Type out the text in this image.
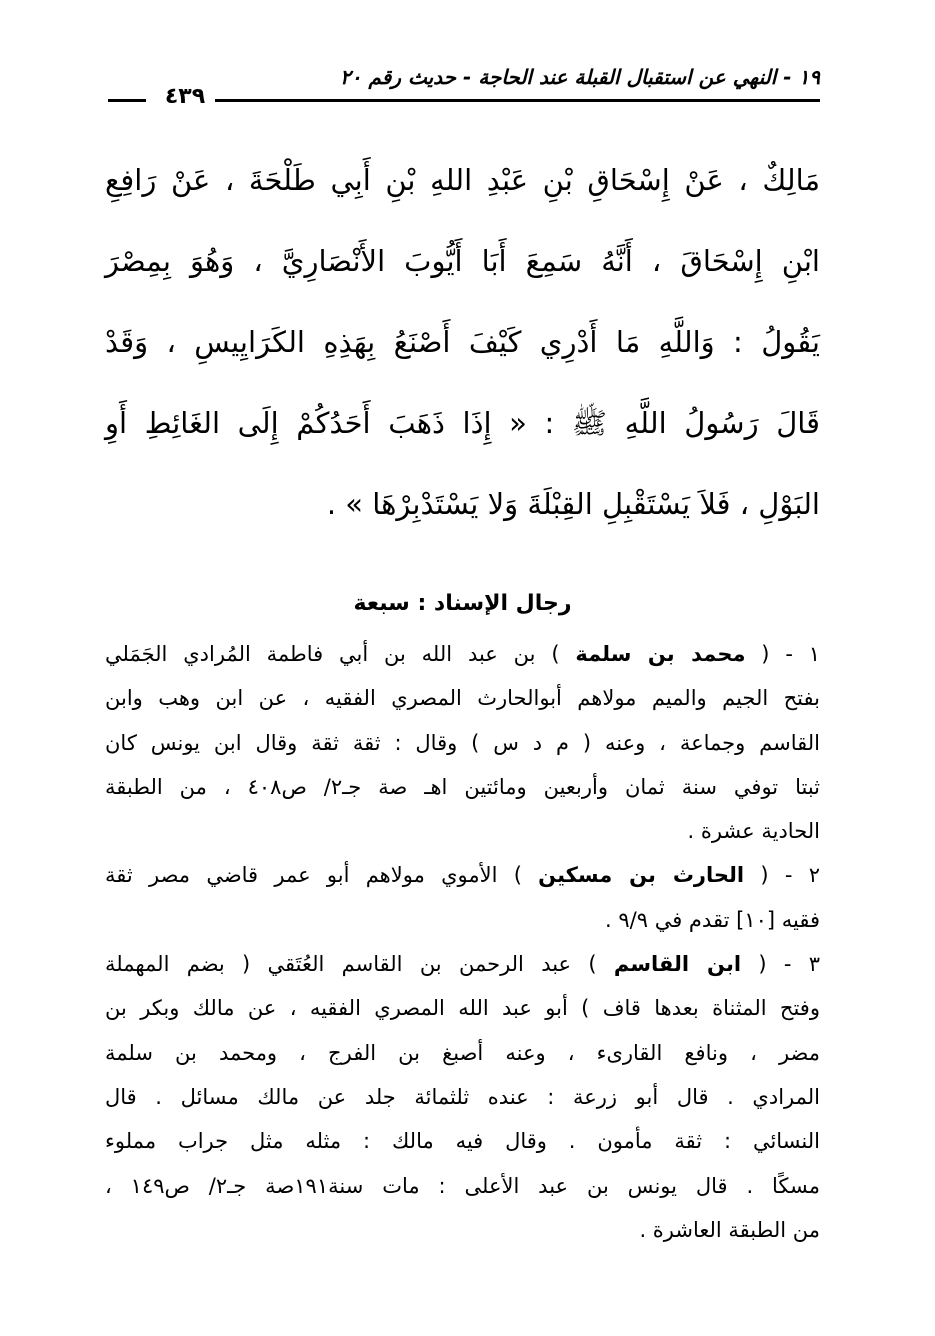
١٩ - النهي عن استقبال القبلة عند الحاجة - حديث رقم ٢٠
٤٣٩
مَالِكٌ ، عَنْ إِسْحَاقِ بْنِ عَبْدِ اللهِ بْنِ أَبِي طَلْحَةَ ، عَنْ رَافِعِ
ابْنِ إِسْحَاقَ ، أَنَّهُ سَمِعَ أَبَا أَيُّوبَ الأَنْصَارِيَّ ، وَهُوَ بِمِصْرَ
يَقُولُ : وَاللَّهِ مَا أَدْرِي كَيْفَ أَصْنَعُ بِهَذِهِ الكَرَايِيسِ ، وَقَدْ
قَالَ رَسُولُ اللَّهِ ﷺ : « إِذَا ذَهَبَ أَحَدُكُمْ إِلَى الغَائِطِ أَوِ
البَوْلِ ، فَلاَ يَسْتَقْبِلِ القِبْلَةَ وَلا يَسْتَدْبِرْهَا » .
رجال الإسناد : سبعة
١ - ( محمد بن سلمة ) بن عبد الله بن أبي فاطمة المُرادي الجَمَلي
بفتح الجيم والميم مولاهم أبوالحارث المصري الفقيه ، عن ابن وهب وابن
القاسم وجماعة ، وعنه ( م د س ) وقال : ثقة ثقة وقال ابن يونس كان
ثبتا توفي سنة ثمان وأربعين ومائتين اهـ صة جـ٢/ ص٤٠٨ ، من الطبقة
الحادية عشرة .
٢ - ( الحارث بن مسكين ) الأموي مولاهم أبو عمر قاضي مصر ثقة
فقيه [١٠] تقدم في ٩/٩ .
٣ - ( ابن القاسم ) عبد الرحمن بن القاسم العُتَقي ( بضم المهملة
وفتح المثناة بعدها قاف ) أبو عبد الله المصري الفقيه ، عن مالك وبكر بن
مضر ، ونافع القارىء ، وعنه أصبغ بن الفرج ، ومحمد بن سلمة
المرادي . قال أبو زرعة : عنده ثلثمائة جلد عن مالك مسائل . قال
النسائي : ثقة مأمون . وقال فيه مالك : مثله مثل جراب مملوء
مسكًا . قال يونس بن عبد الأعلى : مات سنة١٩١صة جـ٢/ ص١٤٩ ،
من الطبقة العاشرة .
